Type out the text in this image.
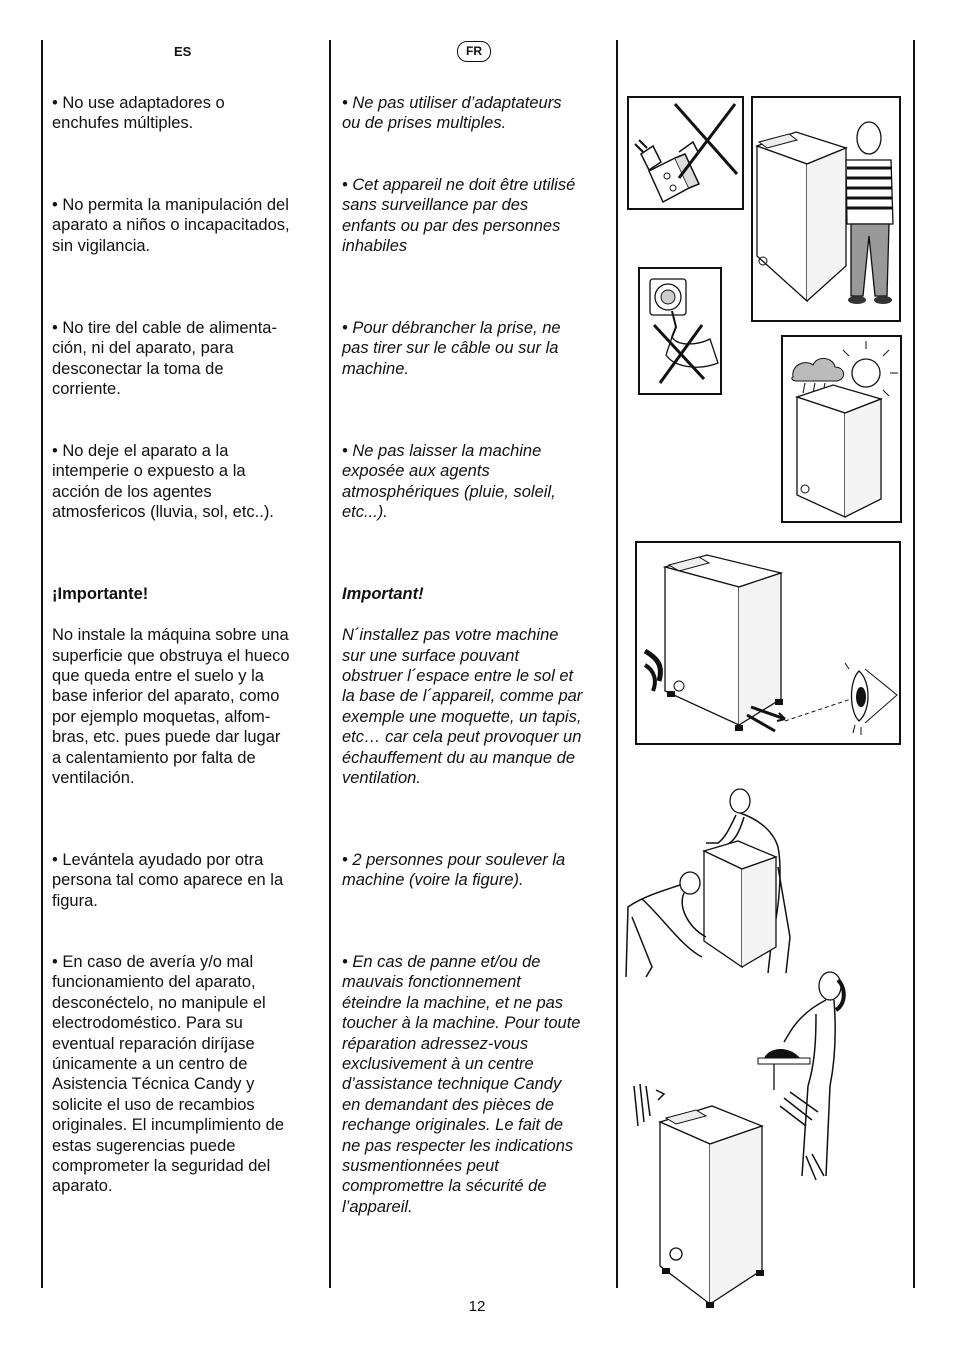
ES	FR
• No use adaptadores o
enchufes múltiples.
• No permita la manipulación del
aparato a niños o incapacitados,
sin vigilancia.
• No tire del cable de alimenta-
ción, ni del aparato, para
desconectar la toma de
corriente.
• No deje el aparato a la
intemperie o expuesto a la
acción de los agentes
atmosfericos (lluvia, sol, etc..).

¡Importante!

No instale la máquina sobre una
superficie que obstruya el hueco
que queda entre el suelo y la
base inferior del aparato, como
por ejemplo moquetas, alfom-
bras, etc. pues puede dar lugar
a calentamiento por falta de
ventilación.

• Levántela ayudado por otra
persona tal como aparece en la
figura.
• En caso de avería y/o mal
funcionamiento del aparato,
desconéctelo, no manipule el
electrodoméstico. Para su
eventual reparación diríjase
únicamente a un centro de
Asistencia Técnica Candy y
solicite el uso de recambios
originales. El incumplimiento de
estas sugerencias puede
comprometer la seguridad del
aparato.
• Ne pas utiliser d’adaptateurs
ou de prises multiples.
• Cet appareil ne doit être utilisé
sans surveillance par des
enfants ou par des personnes
inhabiles
• Pour débrancher la prise, ne
pas tirer sur le câble ou sur la
machine.
• Ne pas laisser la machine
exposée aux agents
atmosphériques (pluie, soleil,
etc...).

Important!

N´installez pas votre machine
sur une surface pouvant
obstruer l´espace entre le sol et
la base de l´appareil, comme par
exemple une moquette, un tapis,
etc… car cela peut provoquer un
échauffement du au manque de
ventilation.

• 2 personnes pour soulever la
machine (voire la figure).
• En cas de panne et/ou de
mauvais fonctionnement
éteindre la machine, et ne pas
toucher à la machine. Pour toute
réparation adressez-vous
exclusivement à un centre
d’assistance technique Candy
en demandant des pièces de
rechange originales. Le fait de
ne pas respecter les indications
susmentionnées peut
compromettre la sécurité de
l’appareil.
12
